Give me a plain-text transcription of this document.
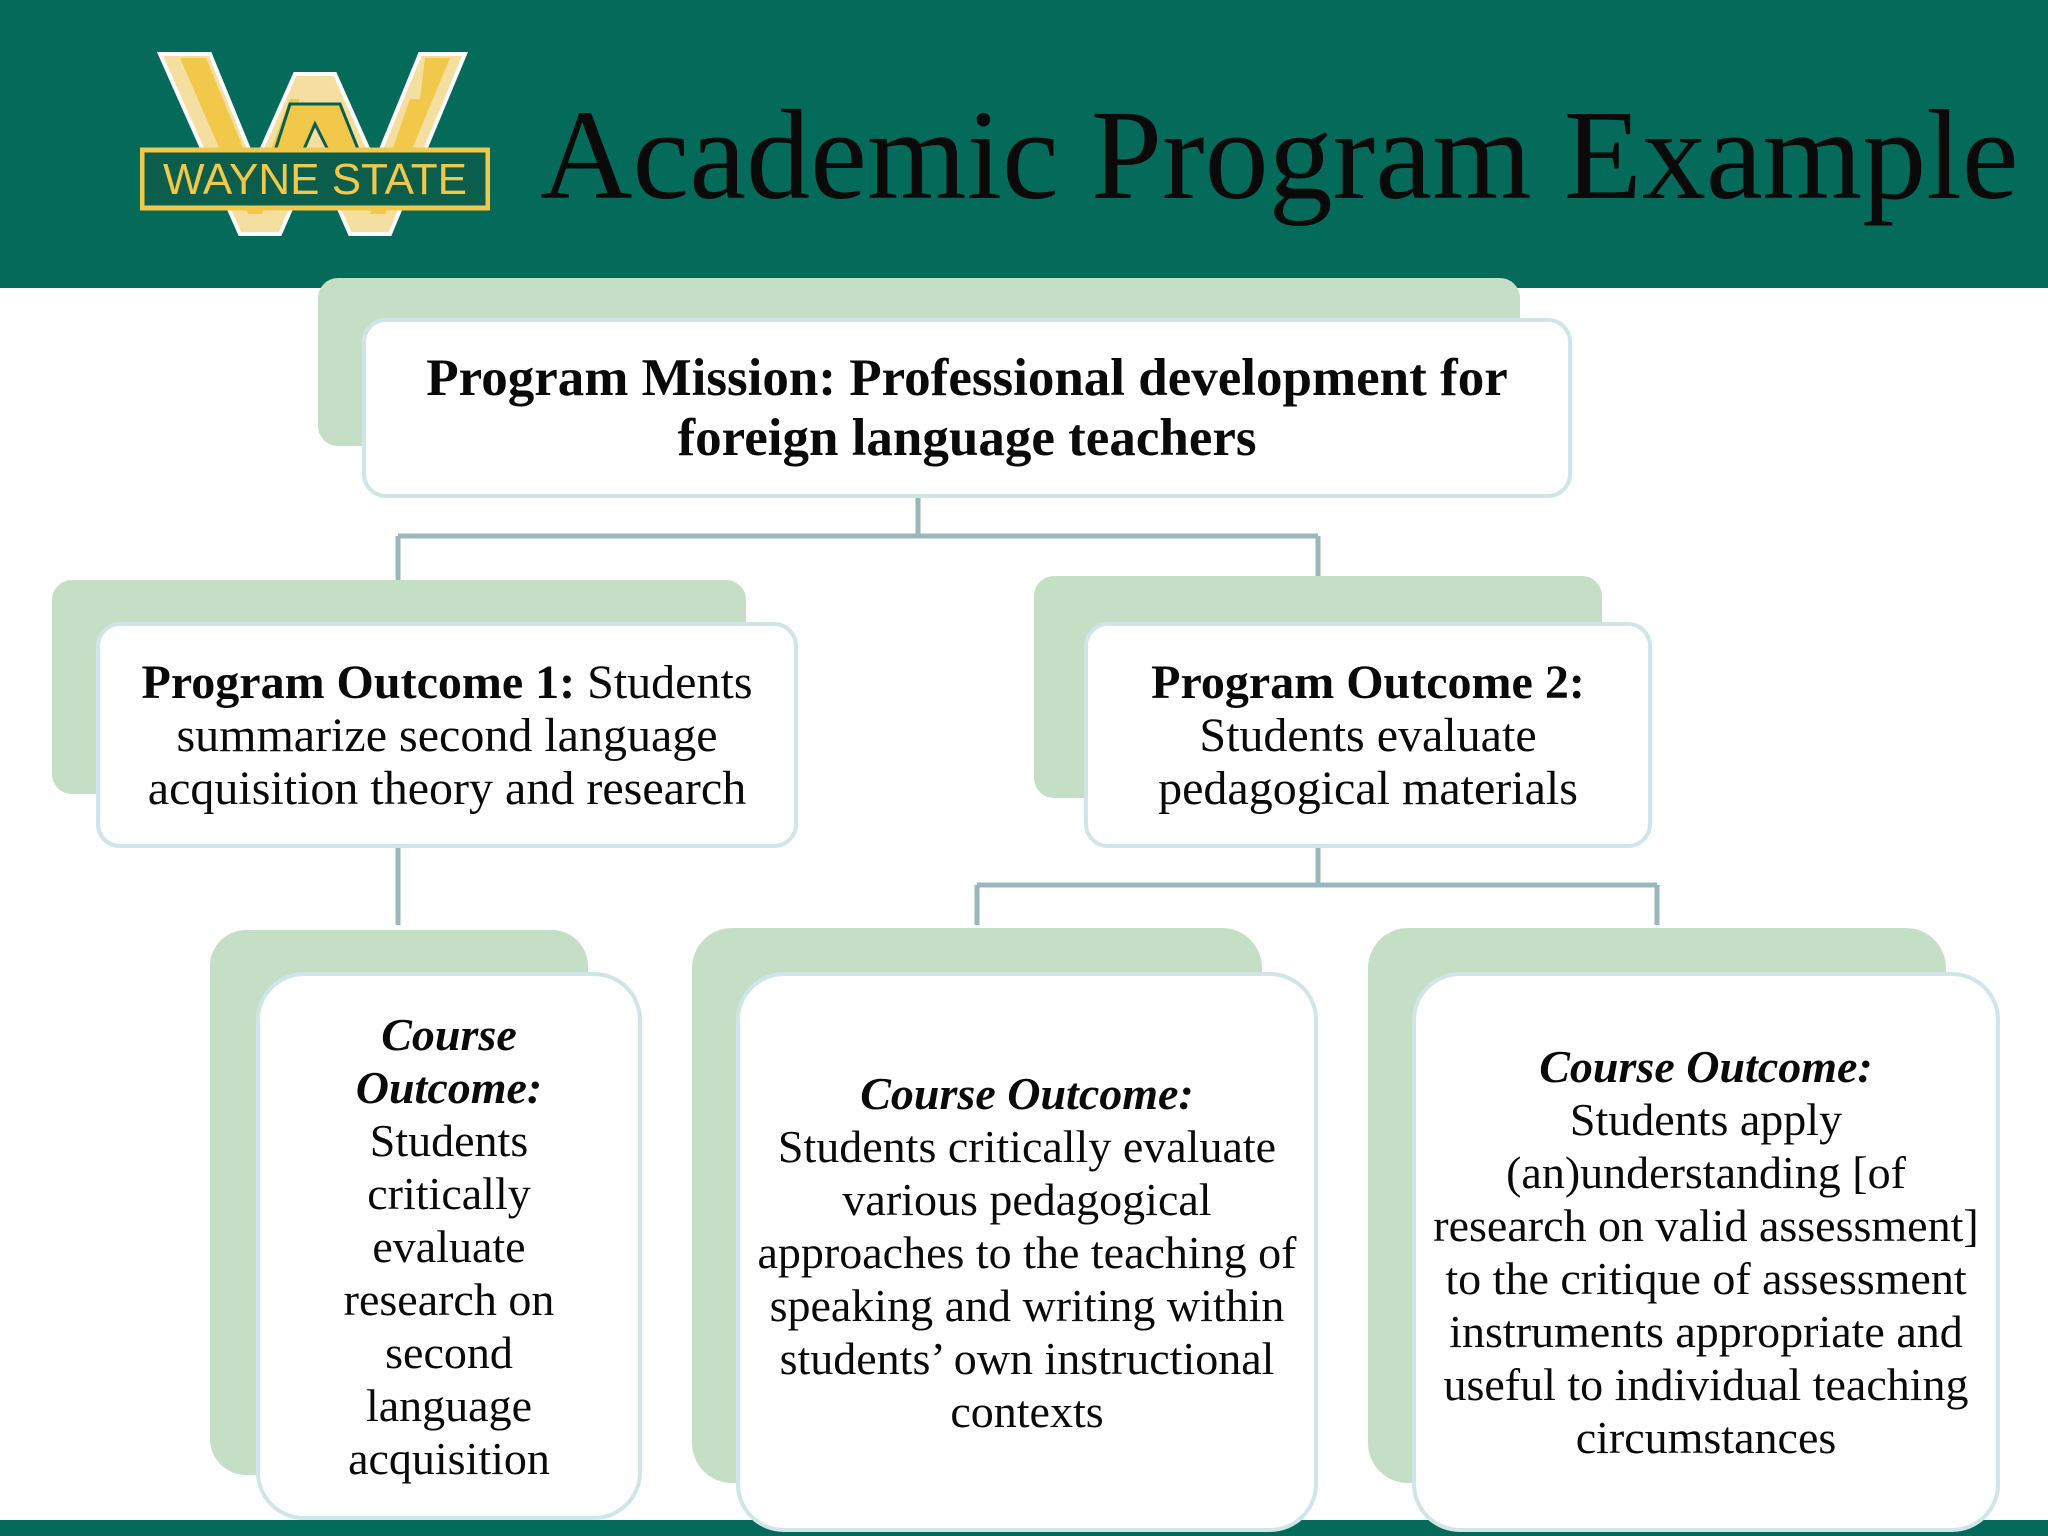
WAYNE STATE Academic Program Example
Program Mission: Professional development for foreign language teachers
Program Outcome 1: Students summarize second language acquisition theory and research
Program Outcome 2: Students evaluate pedagogical materials
Course Outcome:
Students critically evaluate research on second language acquisition
Course Outcome:
Students critically evaluate various pedagogical approaches to the teaching of speaking and writing within students’ own instructional contexts
Course Outcome:
Students apply (an)understanding [of research on valid assessment] to the critique of assessment instruments appropriate and useful to individual teaching circumstances
